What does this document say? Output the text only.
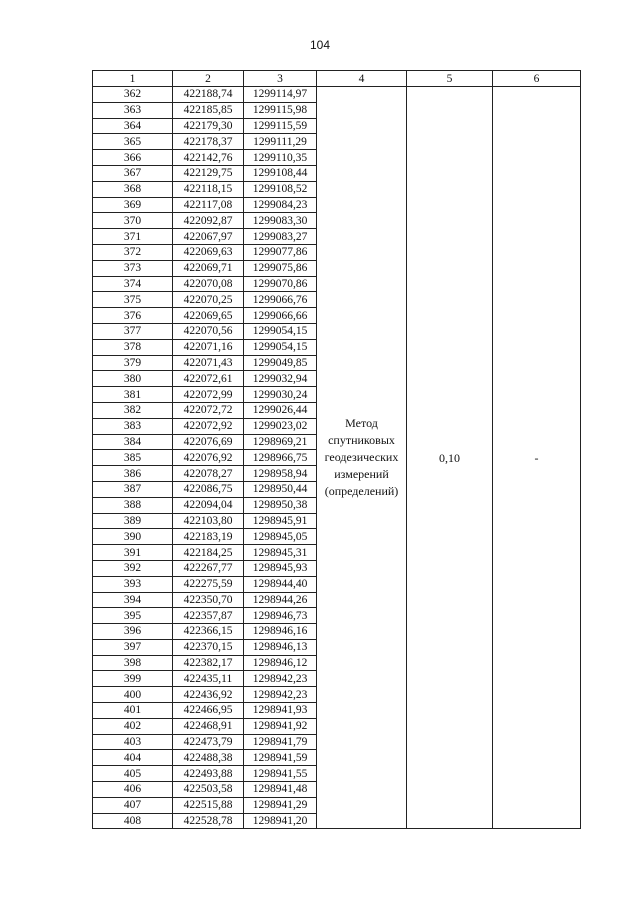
104
1	2	3	4	5	6
362	422188,74	1299114,97	Метод спутниковых геодезических измерений (определений)	0,10	-
363	422185,85	1299115,98			
364	422179,30	1299115,59			
365	422178,37	1299111,29			
366	422142,76	1299110,35			
367	422129,75	1299108,44			
368	422118,15	1299108,52			
369	422117,08	1299084,23			
370	422092,87	1299083,30			
371	422067,97	1299083,27			
372	422069,63	1299077,86			
373	422069,71	1299075,86			
374	422070,08	1299070,86			
375	422070,25	1299066,76			
376	422069,65	1299066,66			
377	422070,56	1299054,15			
378	422071,16	1299054,15			
379	422071,43	1299049,85			
380	422072,61	1299032,94			
381	422072,99	1299030,24			
382	422072,72	1299026,44			
383	422072,92	1299023,02			
384	422076,69	1298969,21			
385	422076,92	1298966,75			
386	422078,27	1298958,94			
387	422086,75	1298950,44			
388	422094,04	1298950,38			
389	422103,80	1298945,91			
390	422183,19	1298945,05			
391	422184,25	1298945,31			
392	422267,77	1298945,93			
393	422275,59	1298944,40			
394	422350,70	1298944,26			
395	422357,87	1298946,73			
396	422366,15	1298946,16			
397	422370,15	1298946,13			
398	422382,17	1298946,12			
399	422435,11	1298942,23			
400	422436,92	1298942,23			
401	422466,95	1298941,93			
402	422468,91	1298941,92			
403	422473,79	1298941,79			
404	422488,38	1298941,59			
405	422493,88	1298941,55			
406	422503,58	1298941,48			
407	422515,88	1298941,29			
408	422528,78	1298941,20			
